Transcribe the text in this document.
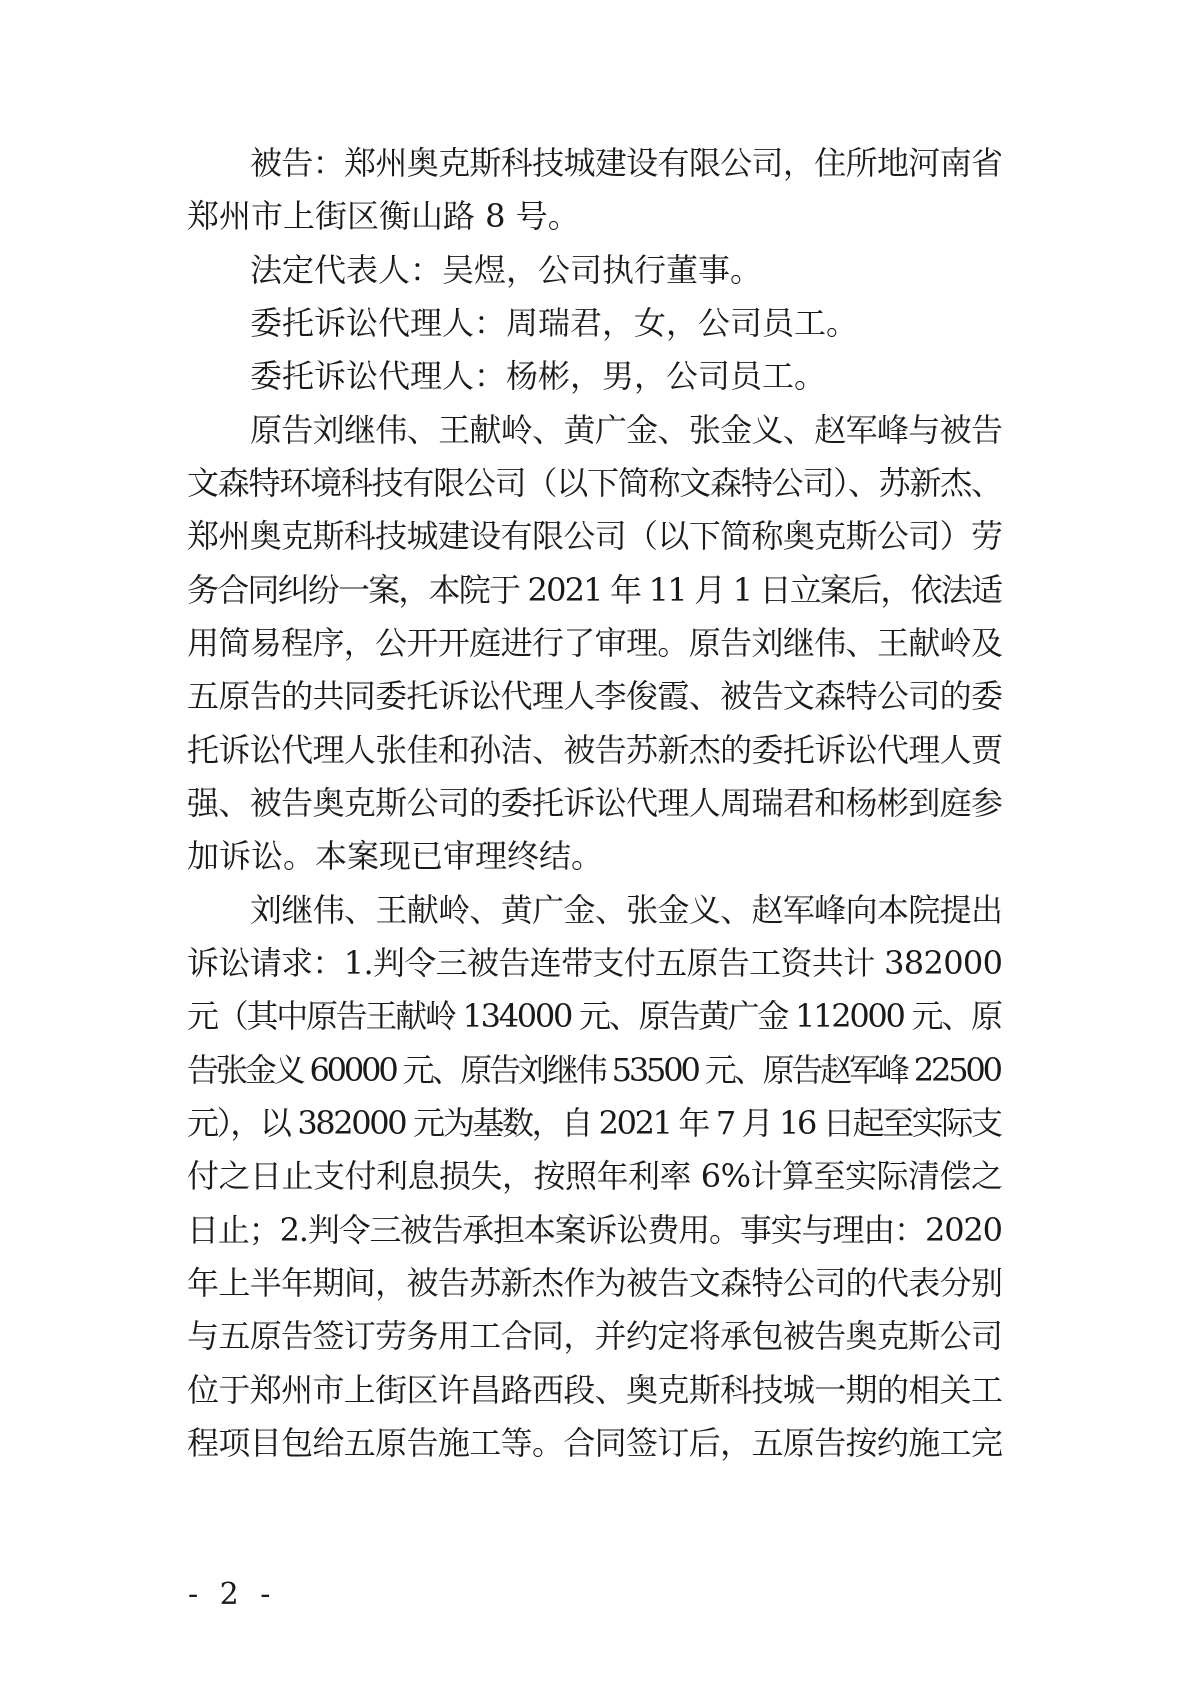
被告：郑州奥克斯科技城建设有限公司，住所地河南省
郑州市上街区衡山路 8 号。
法定代表人：吴煜，公司执行董事。
委托诉讼代理人：周瑞君，女，公司员工。
委托诉讼代理人：杨彬，男，公司员工。
原告刘继伟、王献岭、黄广金、张金义、赵军峰与被告
文森特环境科技有限公司（以下简称文森特公司）、苏新杰、
郑州奥克斯科技城建设有限公司（以下简称奥克斯公司）劳
务合同纠纷一案，本院于 2021 年 11 月 1 日立案后，依法适
用简易程序，公开开庭进行了审理。原告刘继伟、王献岭及
五原告的共同委托诉讼代理人李俊霞、被告文森特公司的委
托诉讼代理人张佳和孙洁、被告苏新杰的委托诉讼代理人贾
强、被告奥克斯公司的委托诉讼代理人周瑞君和杨彬到庭参
加诉讼。本案现已审理终结。
刘继伟、王献岭、黄广金、张金义、赵军峰向本院提出
诉讼请求：1.判令三被告连带支付五原告工资共计 382000
元（其中原告王献岭 134000 元、原告黄广金 112000 元、原
告张金义 60000 元、原告刘继伟 53500 元、原告赵军峰 22500
元），以 382000 元为基数，自 2021 年 7 月 16 日起至实际支
付之日止支付利息损失，按照年利率 6%计算至实际清偿之
日止；2.判令三被告承担本案诉讼费用。事实与理由：2020
年上半年期间，被告苏新杰作为被告文森特公司的代表分别
与五原告签订劳务用工合同，并约定将承包被告奥克斯公司
位于郑州市上街区许昌路西段、奥克斯科技城一期的相关工
程项目包给五原告施工等。合同签订后，五原告按约施工完
- 2 -
